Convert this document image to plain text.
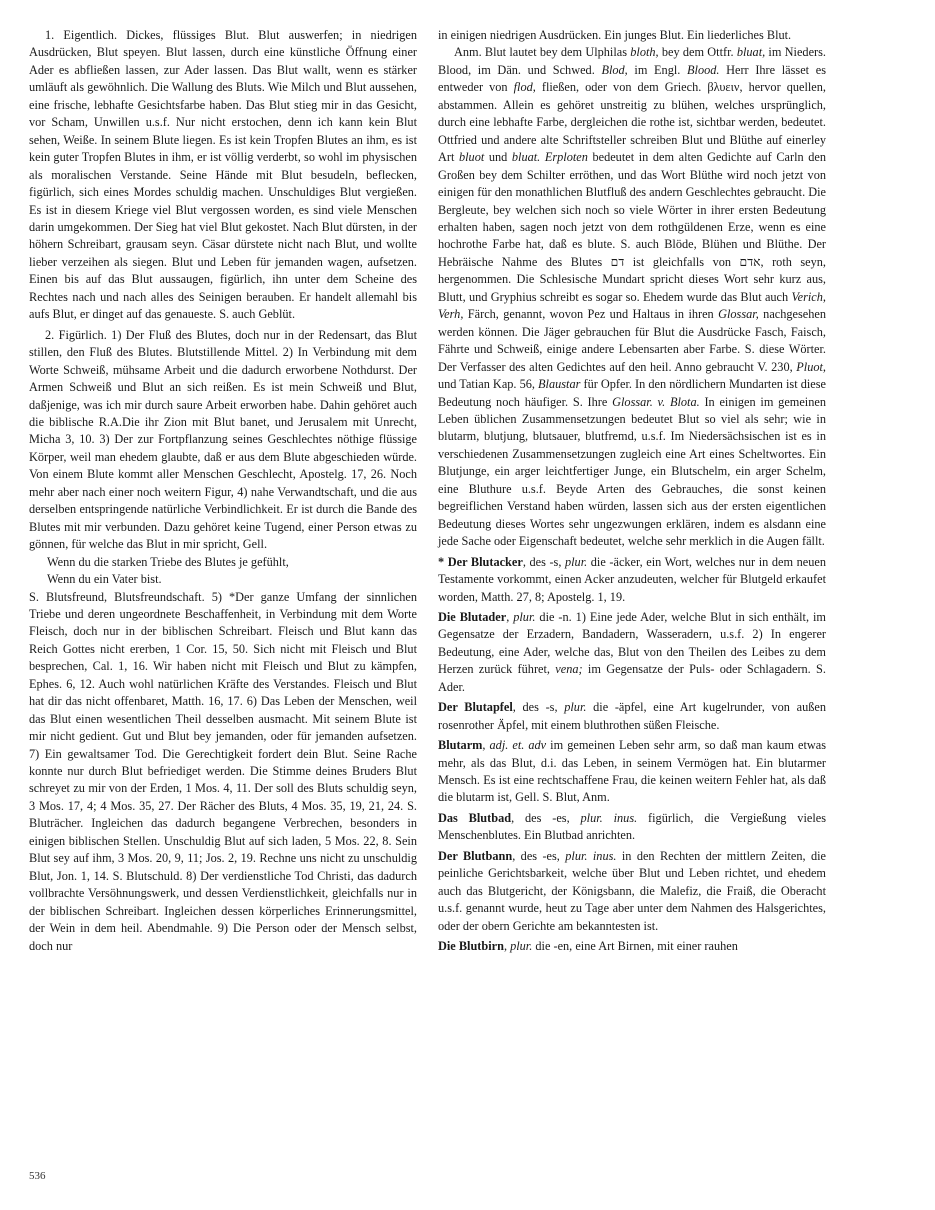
1. Eigentlich. Dickes, flüssiges Blut. Blut auswerfen; in niedrigen Ausdrücken, Blut speyen. Blut lassen, durch eine künstliche Öffnung einer Ader es abfließen lassen, zur Ader lassen. Das Blut wallt, wenn es stärker umläuft als gewöhnlich. Die Wallung des Bluts. Wie Milch und Blut aussehen, eine frische, lebhafte Gesichtsfarbe haben. Das Blut stieg mir in das Gesicht, vor Scham, Unwillen u.s.f. Nur nicht erstochen, denn ich kann kein Blut sehen, Weiße. In seinem Blute liegen. Es ist kein Tropfen Blutes an ihm, es ist kein guter Tropfen Blutes in ihm, er ist völlig verderbt, so wohl im physischen als moralischen Verstande. Seine Hände mit Blut besudeln, beflecken, figürlich, sich eines Mordes schuldig machen. Unschuldiges Blut vergießen. Es ist in diesem Kriege viel Blut vergossen worden, es sind viele Menschen darin umgekommen. Der Sieg hat viel Blut gekostet. Nach Blut dürsten, in der höhern Schreibart, grausam seyn. Cäsar dürstete nicht nach Blut, und wollte lieber verzeihen als siegen. Blut und Leben für jemanden wagen, aufsetzen. Einen bis auf das Blut aussaugen, figürlich, ihn unter dem Scheine des Rechtes nach und nach alles des Seinigen berauben. Er handelt allemahl bis aufs Blut, er dinget auf das genaueste. S. auch Geblüt.

2. Figürlich. 1) Der Fluß des Blutes, doch nur in der Redensart, das Blut stillen, den Fluß des Blutes. Blutstillende Mittel. 2) In Verbindung mit dem Worte Schweiß, mühsame Arbeit und die dadurch erworbene Nothdurst. Der Armen Schweiß und Blut an sich reißen. Es ist mein Schweiß und Blut, daßjenige, was ich mir durch saure Arbeit erworben habe. Dahin gehöret auch die biblische R.A.Die ihr Zion mit Blut banet, und Jerusalem mit Unrecht, Micha 3, 10. 3) Der zur Fortpflanzung seines Geschlechtes nöthige flüssige Körper, weil man ehedem glaubte, daß er aus dem Blute abgeschieden würde. Von einem Blute kommt aller Menschen Geschlecht, Apostelg. 17, 26. Noch mehr aber nach einer noch weitern Figur, 4) nahe Verwandtschaft, und die aus derselben entspringende natürliche Verbindlichkeit. Er ist durch die Bande des Blutes mit mir verbunden. Dazu gehöret keine Tugend, einer Person etwas zu gönnen, für welche das Blut in mir spricht, Gell.

Wenn du die starken Triebe des Blutes je gefühlt,

Wenn du ein Vater bist.

S. Blutsfreund, Blutsfreundschaft. 5) *Der ganze Umfang der sinnlichen Triebe und deren ungeordnete Beschaffenheit, in Verbindung mit dem Worte Fleisch, doch nur in der biblischen Schreibart. Fleisch und Blut kann das Reich Gottes nicht ererben, 1 Cor. 15, 50. Sich nicht mit Fleisch und Blut besprechen, Cal. 1, 16. Wir haben nicht mit Fleisch und Blut zu kämpfen, Ephes. 6, 12. Auch wohl natürlichen Kräfte des Verstandes. Fleisch und Blut hat dir das nicht offenbaret, Matth. 16, 17. 6) Das Leben der Menschen, weil das Blut einen wesentlichen Theil desselben ausmacht. Mit seinem Blute ist mir nicht gedient. Gut und Blut bey jemanden, oder für jemanden aufsetzen. 7) Ein gewaltsamer Tod. Die Gerechtigkeit fordert dein Blut. Seine Rache konnte nur durch Blut befriediget werden. Die Stimme deines Bruders Blut schreyet zu mir von der Erden, 1 Mos. 4, 11. Der soll des Bluts schuldig seyn, 3 Mos. 17, 4; 4 Mos. 35, 27. Der Rächer des Bluts, 4 Mos. 35, 19, 21, 24. S. Bluträcher. Ingleichen das dadurch begangene Verbrechen, besonders in einigen biblischen Stellen. Unschuldig Blut auf sich laden, 5 Mos. 22, 8. Sein Blut sey auf ihm, 3 Mos. 20, 9, 11; Jos. 2, 19. Rechne uns nicht zu unschuldig Blut, Jon. 1, 14. S. Blutschuld. 8) Der verdienstliche Tod Christi, das dadurch vollbrachte Versöhnungswerk, und dessen Verdienstlichkeit, gleichfalls nur in der biblischen Schreibart. Ingleichen dessen körperliches Erinnerungsmittel, der Wein in dem heil. Abendmahle. 9) Die Person oder der Mensch selbst, doch nur

in einigen niedrigen Ausdrücken. Ein junges Blut. Ein liederliches Blut.

Anm. Blut lautet bey dem Ulphilas bloth, bey dem Ottfr. bluat, im Nieders. Blood, im Dän. und Schwed. Blod, im Engl. Blood. Herr Ihre lässet es entweder von flod, fließen, oder von dem Griech. βλυειν, hervor quellen, abstammen. Allein es gehöret unstreitig zu blühen, welches ursprünglich, durch eine lebhafte Farbe, dergleichen die rothe ist, sichtbar werden, bedeutet. Ottfried und andere alte Schriftsteller schreiben Blut und Blüthe auf einerley Art bluot und bluat. Erploten bedeutet in dem alten Gedichte auf Carln den Großen bey dem Schilter erröthen, und das Wort Blüthe wird noch jetzt von einigen für den monathlichen Blutfluß des andern Geschlechtes gebraucht. Die Bergleute, bey welchen sich noch so viele Wörter in ihrer ersten Bedeutung erhalten haben, sagen noch jetzt von dem rothgüldenen Erze, wenn es eine hochrothe Farbe hat, daß es blute. S. auch Blöde, Blühen und Blüthe. Der Hebräische Nahme des Blutes דם ist gleichfalls von אדם, roth seyn, hergenommen. Die Schlesische Mundart spricht dieses Wort sehr kurz aus, Blutt, und Gryphius schreibt es sogar so. Ehedem wurde das Blut auch Verich, Verh, Färch, genannt, wovon Pez und Haltaus in ihren Glossar, nachgesehen werden können. Die Jäger gebrauchen für Blut die Ausdrücke Fasch, Faisch, Fährte und Schweiß, einige andere Lebensarten aber Farbe. S. diese Wörter. Der Verfasser des alten Gedichtes auf den heil. Anno gebraucht V. 230, Pluot, und Tatian Kap. 56, Blaustar für Opfer. In den nördlichern Mundarten ist diese Bedeutung noch häufiger. S. Ihre Glossar. v. Blota. In einigen im gemeinen Leben üblichen Zusammensetzungen bedeutet Blut so viel als sehr; wie in blutarm, blutjung, blutsauer, blutfremd, u.s.f. Im Niedersächsischen ist es in verschiedenen Zusammensetzungen zugleich eine Art eines Scheltwortes. Ein Blutjunge, ein arger leichtfertiger Junge, ein Blutschelm, ein arger Schelm, eine Bluthure u.s.f. Beyde Arten des Gebrauches, die sonst keinen begreiflichen Verstand haben würden, lassen sich aus der ersten eigentlichen Bedeutung dieses Wortes sehr ungezwungen erklären, indem es alsdann eine jede Sache oder Eigenschaft bedeutet, welche sehr merklich in die Augen fällt.

* Der Blutacker, des -s, plur. die -äcker, ein Wort, welches nur in dem neuen Testamente vorkommt, einen Acker anzudeuten, welcher für Blutgeld erkaufet worden, Matth. 27, 8; Apostelg. 1, 19.

Die Blutader, plur. die -n. 1) Eine jede Ader, welche Blut in sich enthält, im Gegensatze der Erzadern, Bandadern, Wasseradern, u.s.f. 2) In engerer Bedeutung, eine Ader, welche das, Blut von den Theilen des Leibes zu dem Herzen zurück führet, vena; im Gegensatze der Puls- oder Schlagadern. S. Ader.

Der Blutapfel, des -s, plur. die -äpfel, eine Art kugelrunder, von außen rosenrother Äpfel, mit einem bluthrothen süßen Fleische.

Blutarm, adj. et. adv im gemeinen Leben sehr arm, so daß man kaum etwas mehr, als das Blut, d.i. das Leben, in seinem Vermögen hat. Ein blutarmer Mensch. Es ist eine rechtschaffene Frau, die keinen weitern Fehler hat, als daß die blutarm ist, Gell. S. Blut, Anm.

Das Blutbad, des -es, plur. inus. figürlich, die Vergießung vieles Menschenblutes. Ein Blutbad anrichten.

Der Blutbann, des -es, plur. inus. in den Rechten der mittlern Zeiten, die peinliche Gerichtsbarkeit, welche über Blut und Leben richtet, und ehedem auch das Blutgericht, der Königsbann, die Malefiz, die Fraiß, die Oberacht u.s.f. genannt wurde, heut zu Tage aber unter dem Nahmen des Halsgerichtes, oder der obern Gerichte am bekanntesten ist.

Die Blutbirn, plur. die -en, eine Art Birnen, mit einer rauhen

536
